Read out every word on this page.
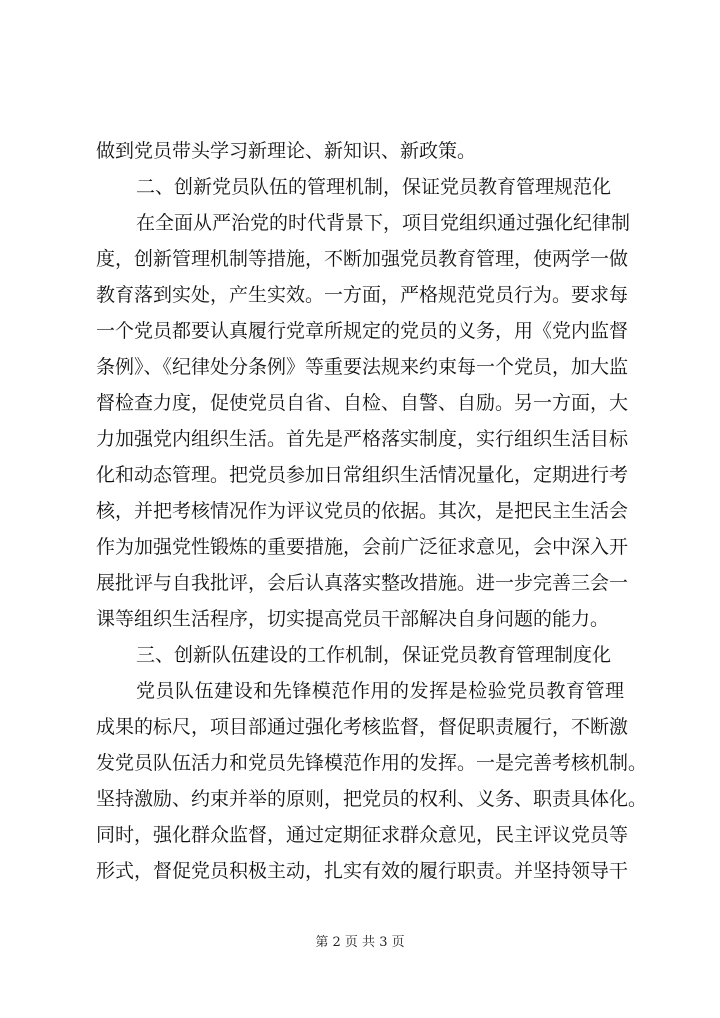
做到党员带头学习新理论、新知识、新政策。
二、创新党员队伍的管理机制，保证党员教育管理规范化
在全面从严治党的时代背景下，项目党组织通过强化纪律制
度，创新管理机制等措施，不断加强党员教育管理，使两学一做
教育落到实处，产生实效。一方面，严格规范党员行为。要求每
一个党员都要认真履行党章所规定的党员的义务，用《党内监督
条例》、《纪律处分条例》等重要法规来约束每一个党员，加大监
督检查力度，促使党员自省、自检、自警、自励。另一方面，大
力加强党内组织生活。首先是严格落实制度，实行组织生活目标
化和动态管理。把党员参加日常组织生活情况量化，定期进行考
核，并把考核情况作为评议党员的依据。其次，是把民主生活会
作为加强党性锻炼的重要措施，会前广泛征求意见，会中深入开
展批评与自我批评，会后认真落实整改措施。进一步完善三会一
课等组织生活程序，切实提高党员干部解决自身问题的能力。
三、创新队伍建设的工作机制，保证党员教育管理制度化
党员队伍建设和先锋模范作用的发挥是检验党员教育管理
成果的标尺，项目部通过强化考核监督，督促职责履行，不断激
发党员队伍活力和党员先锋模范作用的发挥。一是完善考核机制。
坚持激励、约束并举的原则，把党员的权利、义务、职责具体化。
同时，强化群众监督，通过定期征求群众意见，民主评议党员等
形式，督促党员积极主动，扎实有效的履行职责。并坚持领导干
第 2 页 共 3 页
